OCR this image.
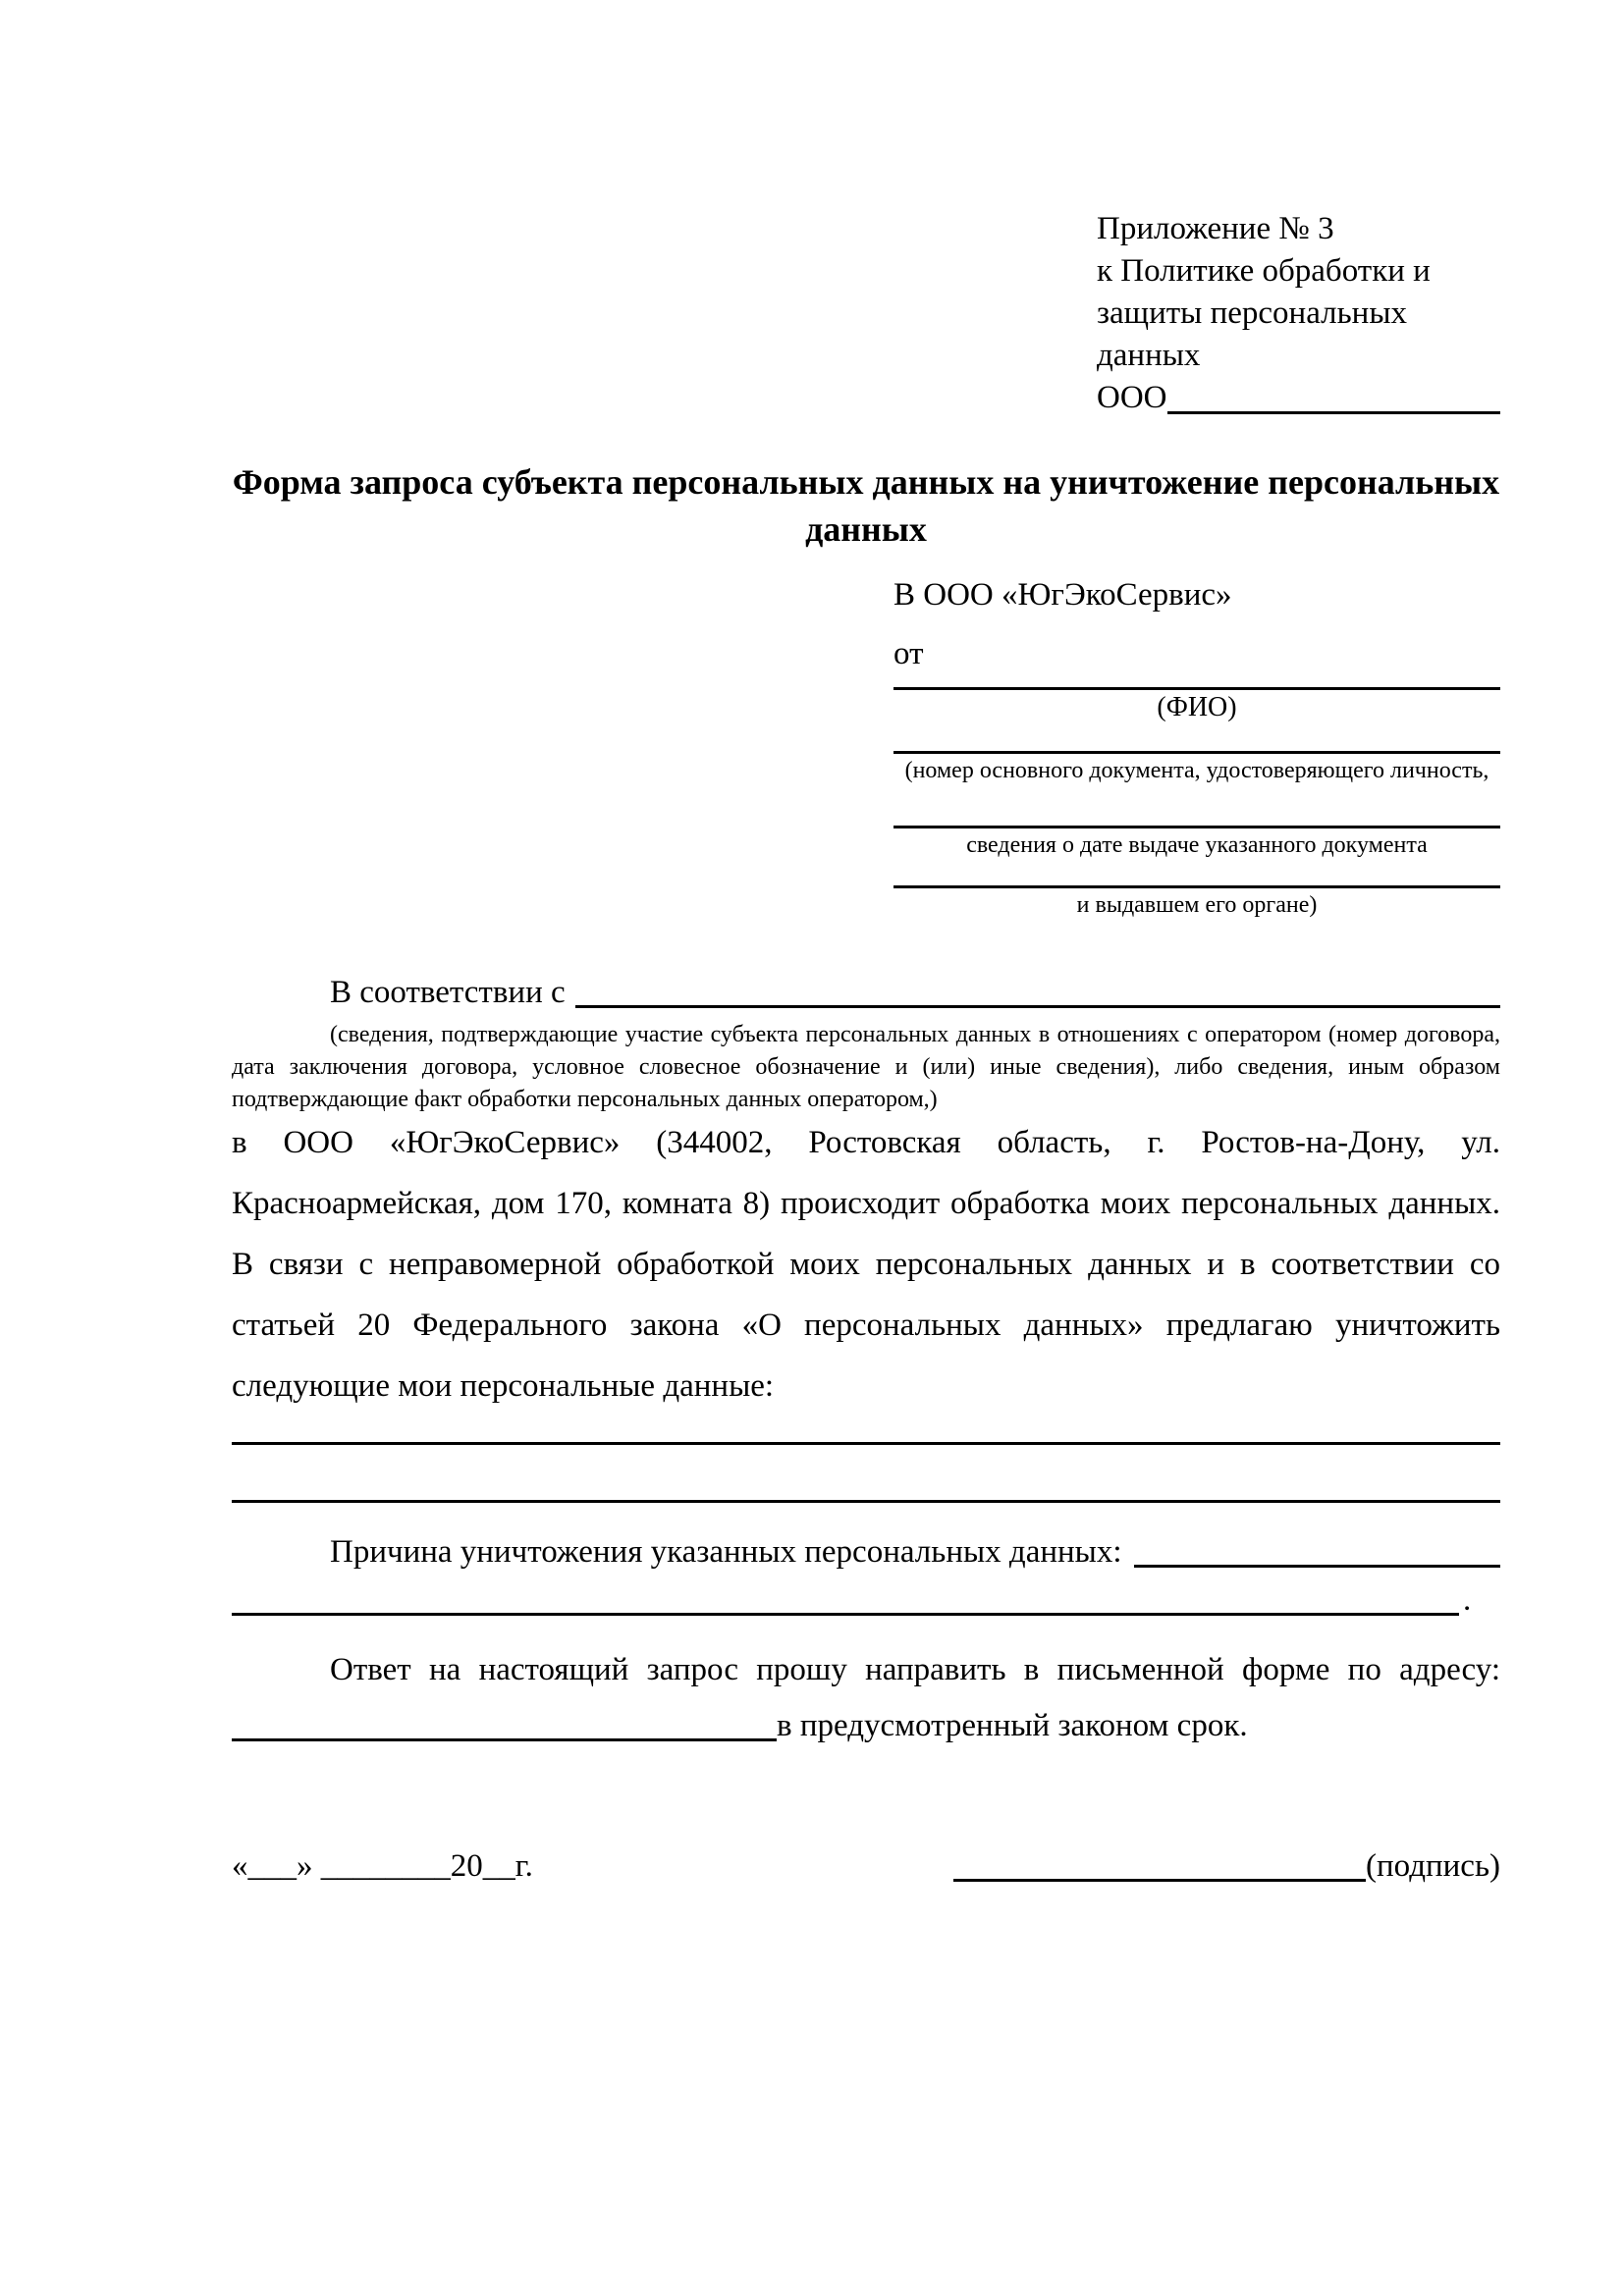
Приложение № 3
к Политике обработки и
защиты персональных данных
ООО
Форма запроса субъекта персональных данных на уничтожение персональных данных
В ООО «ЮгЭкоСервис»
от
(ФИО)
(номер основного документа, удостоверяющего личность,
сведения о дате выдаче указанного документа
и выдавшем его органе)
В соответствии с
(сведения, подтверждающие участие субъекта персональных данных в отношениях с оператором (номер договора, дата заключения договора, условное словесное обозначение и (или) иные сведения), либо сведения, иным образом подтверждающие факт обработки персональных данных оператором,)
в ООО «ЮгЭкоСервис» (344002, Ростовская область, г. Ростов-на-Дону, ул. Красноармейская, дом 170, комната 8) происходит обработка моих персональных данных. В связи с неправомерной обработкой моих персональных данных и в соответствии со статьей 20 Федерального закона «О персональных данных» предлагаю уничтожить следующие мои персональные данные:
Причина уничтожения указанных персональных данных:
.
Ответ на настоящий запрос прошу направить в письменной форме по адресу:
в предусмотренный законом срок.
«___» ________20__г.	(подпись)
